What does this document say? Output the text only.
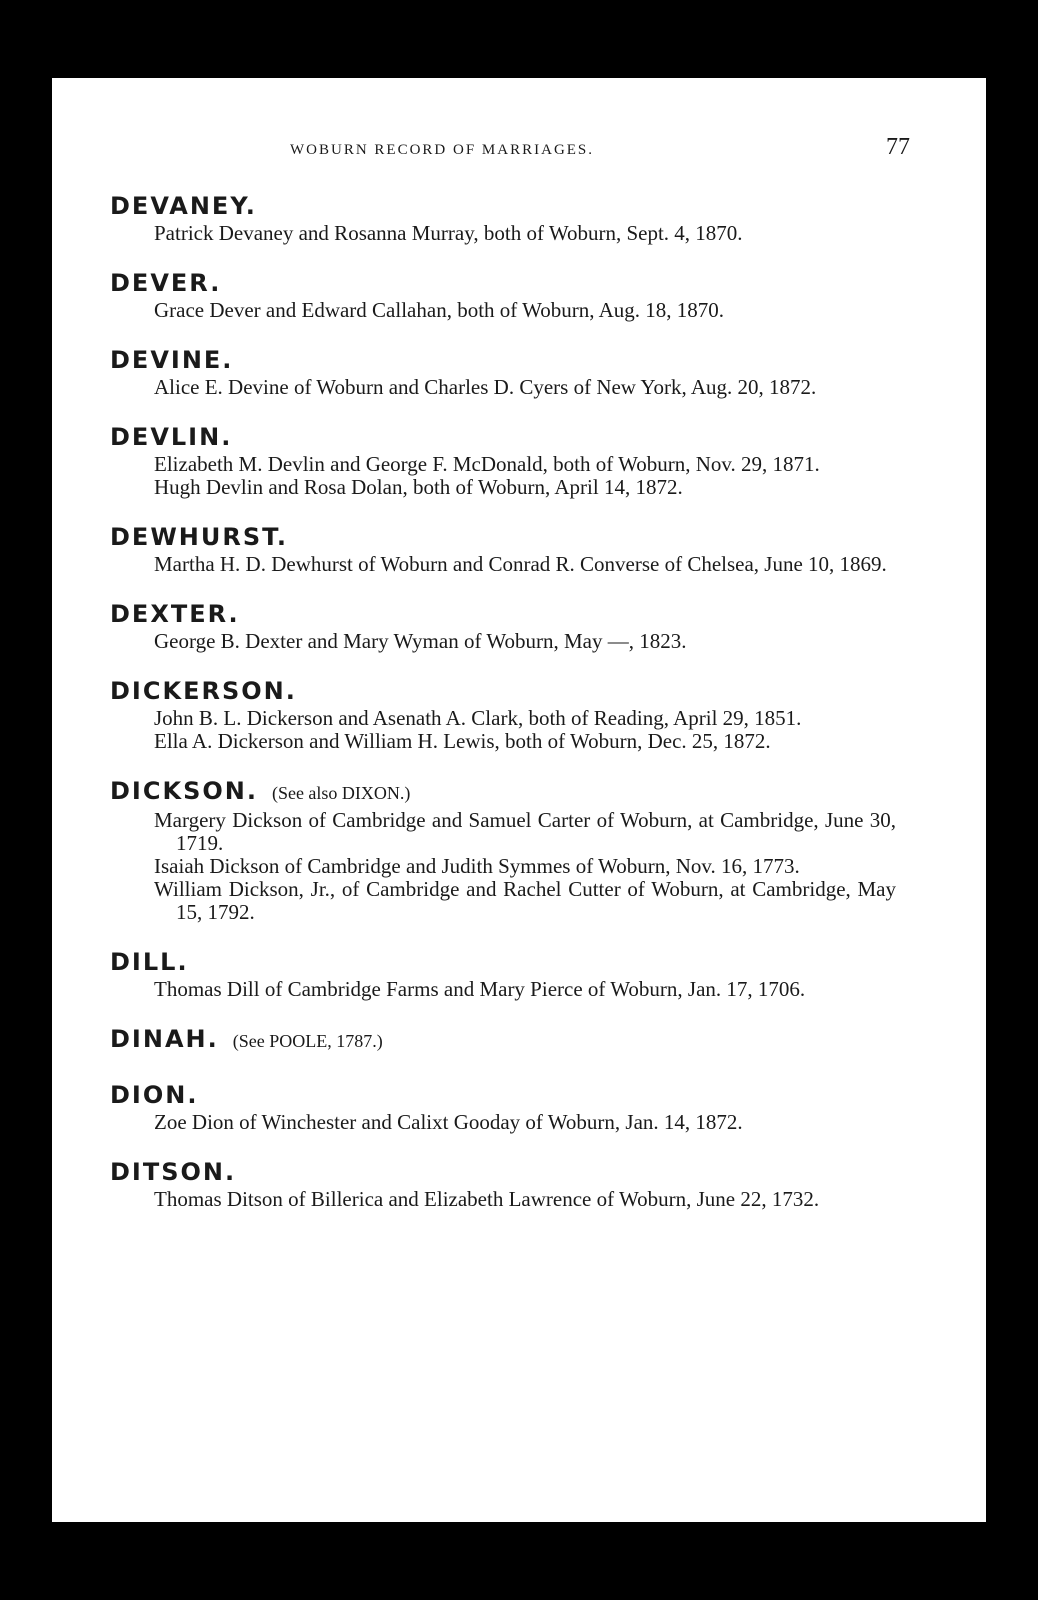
WOBURN RECORD OF MARRIAGES.	77
DEVANEY.

Patrick Devaney and Rosanna Murray, both of Woburn, Sept. 4, 1870.

DEVER.

Grace Dever and Edward Callahan, both of Woburn, Aug. 18, 1870.

DEVINE.

Alice E. Devine of Woburn and Charles D. Cyers of New York, Aug. 20, 1872.

DEVLIN.

Elizabeth M. Devlin and George F. McDonald, both of Woburn, Nov. 29, 1871.

Hugh Devlin and Rosa Dolan, both of Woburn, April 14, 1872.

DEWHURST.

Martha H. D. Dewhurst of Woburn and Conrad R. Converse of Chelsea, June 10, 1869.

DEXTER.

George B. Dexter and Mary Wyman of Woburn, May —, 1823.

DICKERSON.

John B. L. Dickerson and Asenath A. Clark, both of Reading, April 29, 1851.

Ella A. Dickerson and William H. Lewis, both of Woburn, Dec. 25, 1872.

DICKSON. (See also DIXON.)

Margery Dickson of Cambridge and Samuel Carter of Woburn, at Cambridge, June 30, 1719.

Isaiah Dickson of Cambridge and Judith Symmes of Woburn, Nov. 16, 1773.

William Dickson, Jr., of Cambridge and Rachel Cutter of Woburn, at Cambridge, May 15, 1792.

DILL.

Thomas Dill of Cambridge Farms and Mary Pierce of Woburn, Jan. 17, 1706.

DINAH. (See POOLE, 1787.)
DION.

Zoe Dion of Winchester and Calixt Gooday of Woburn, Jan. 14, 1872.

DITSON.

Thomas Ditson of Billerica and Elizabeth Lawrence of Woburn, June 22, 1732.
